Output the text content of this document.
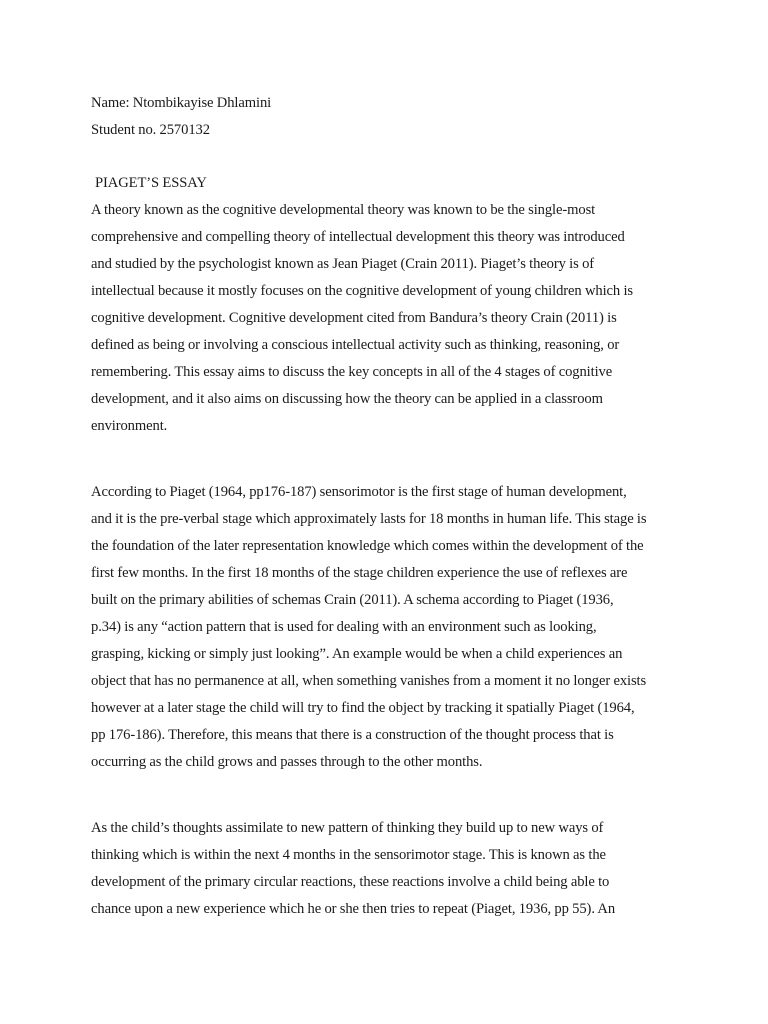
Name: Ntombikayise Dhlamini
Student no. 2570132
PIAGET’S ESSAY
A theory known as the cognitive developmental theory was known to be the single-most
comprehensive and compelling theory of intellectual development this theory was introduced
and studied by the psychologist known as Jean Piaget (Crain 2011). Piaget’s theory is of
intellectual because it mostly focuses on the cognitive development of young children which is
cognitive development. Cognitive development cited from Bandura’s theory Crain (2011) is
defined as being or involving a conscious intellectual activity such as thinking, reasoning, or
remembering. This essay aims to discuss the key concepts in all of the 4 stages of cognitive
development, and it also aims on discussing how the theory can be applied in a classroom
environment.
According to Piaget (1964, pp176-187) sensorimotor is the first stage of human development,
and it is the pre-verbal stage which approximately lasts for 18 months in human life. This stage is
the foundation of the later representation knowledge which comes within the development of the
first few months. In the first 18 months of the stage children experience the use of reflexes are
built on the primary abilities of schemas Crain (2011). A schema according to Piaget (1936,
p.34) is any “action pattern that is used for dealing with an environment such as looking,
grasping, kicking or simply just looking”. An example would be when a child experiences an
object that has no permanence at all, when something vanishes from a moment it no longer exists
however at a later stage the child will try to find the object by tracking it spatially Piaget (1964,
pp 176-186). Therefore, this means that there is a construction of the thought process that is
occurring as the child grows and passes through to the other months.
As the child’s thoughts assimilate to new pattern of thinking they build up to new ways of
thinking which is within the next 4 months in the sensorimotor stage. This is known as the
development of the primary circular reactions, these reactions involve a child being able to
chance upon a new experience which he or she then tries to repeat (Piaget, 1936, pp 55). An
